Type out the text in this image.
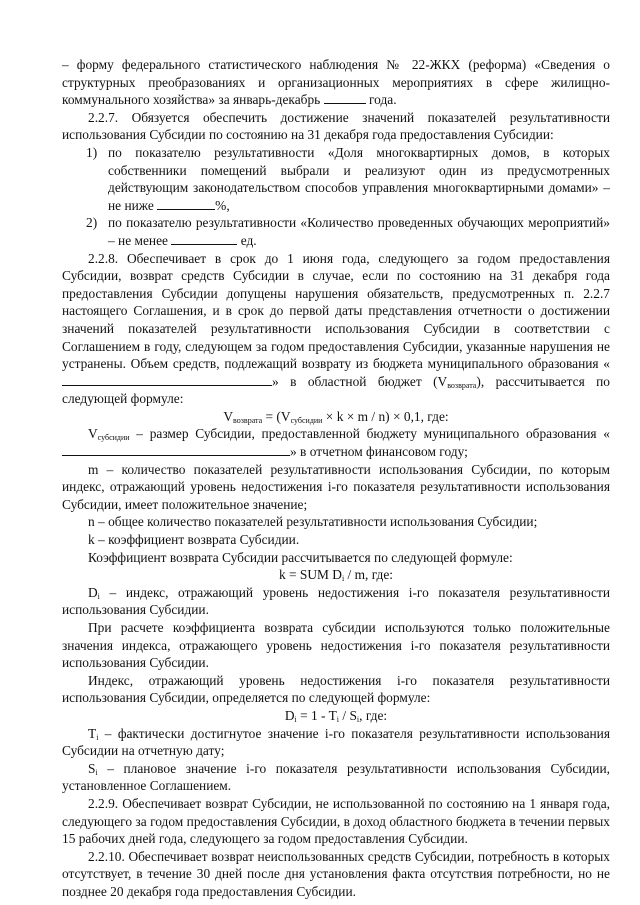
– форму федерального статистического наблюдения № 22-ЖКХ (реформа) «Сведения о структурных преобразованиях и организационных мероприятиях в сфере жилищно-коммунального хозяйства» за январь-декабрь	года.

2.2.7. Обязуется обеспечить достижение значений показателей результативности использования Субсидии по состоянию на 31 декабря года предоставления Субсидии:

1) по показателю результативности «Доля многоквартирных домов, в которых собственники помещений выбрали и реализуют один из предусмотренных действующим законодательством способов управления многоквартирными домами» – не ниже	%,
2) по показателю результативности «Количество проведенных обучающих мероприятий» – не менее	ед.

2.2.8. Обеспечивает в срок до 1 июня года, следующего за годом предоставления Субсидии, возврат средств Субсидии в случае, если по состоянию на 31 декабря года предоставления Субсидии допущены нарушения обязательств, предусмотренных п. 2.2.7 настоящего Соглашения, и в срок до первой даты представления отчетности о достижении значений показателей результативности использования Субсидии в соответствии с Соглашением в году, следующем за годом предоставления Субсидии, указанные нарушения не устранены. Объем средств, подлежащий возврату из бюджета муниципального образования «» в областной бюджет $(V_{возврата})$, рассчитывается по следующей формуле:

$V_{возврата} = (V_{субсидии} \times k \times m / n) \times 0,1$, где:

$V_{субсидии}$ – размер Субсидии, предоставленной бюджету муниципального образования «» в отчетном финансовом году;

m – количество показателей результативности использования Субсидии, по которым индекс, отражающий уровень недостижения i-го показателя результативности использования Субсидии, имеет положительное значение;

n – общее количество показателей результативности использования Субсидии;

k – коэффициент возврата Субсидии.

Коэффициент возврата Субсидии рассчитывается по следующей формуле:

k = SUM $D_i$ / m, где:

$D_i$ – индекс, отражающий уровень недостижения i-го показателя результативности использования Субсидии.

При расчете коэффициента возврата субсидии используются только положительные значения индекса, отражающего уровень недостижения i-го показателя результативности использования Субсидии.

Индекс, отражающий уровень недостижения i-го показателя результативности использования Субсидии, определяется по следующей формуле:

$D_i = 1 - T_i / S_i$, где:

$T_i$ – фактически достигнутое значение i-го показателя результативности использования Субсидии на отчетную дату;

$S_i$ – плановое значение i-го показателя результативности использования Субсидии, установленное Соглашением.

2.2.9. Обеспечивает возврат Субсидии, не использованной по состоянию на 1 января года, следующего за годом предоставления Субсидии, в доход областного бюджета в течении первых 15 рабочих дней года, следующего за годом предоставления Субсидии.

2.2.10. Обеспечивает возврат неиспользованных средств Субсидии, потребность в которых отсутствует, в течение 30 дней после дня установления факта отсутствия потребности, но не позднее 20 декабря года предоставления Субсидии.
